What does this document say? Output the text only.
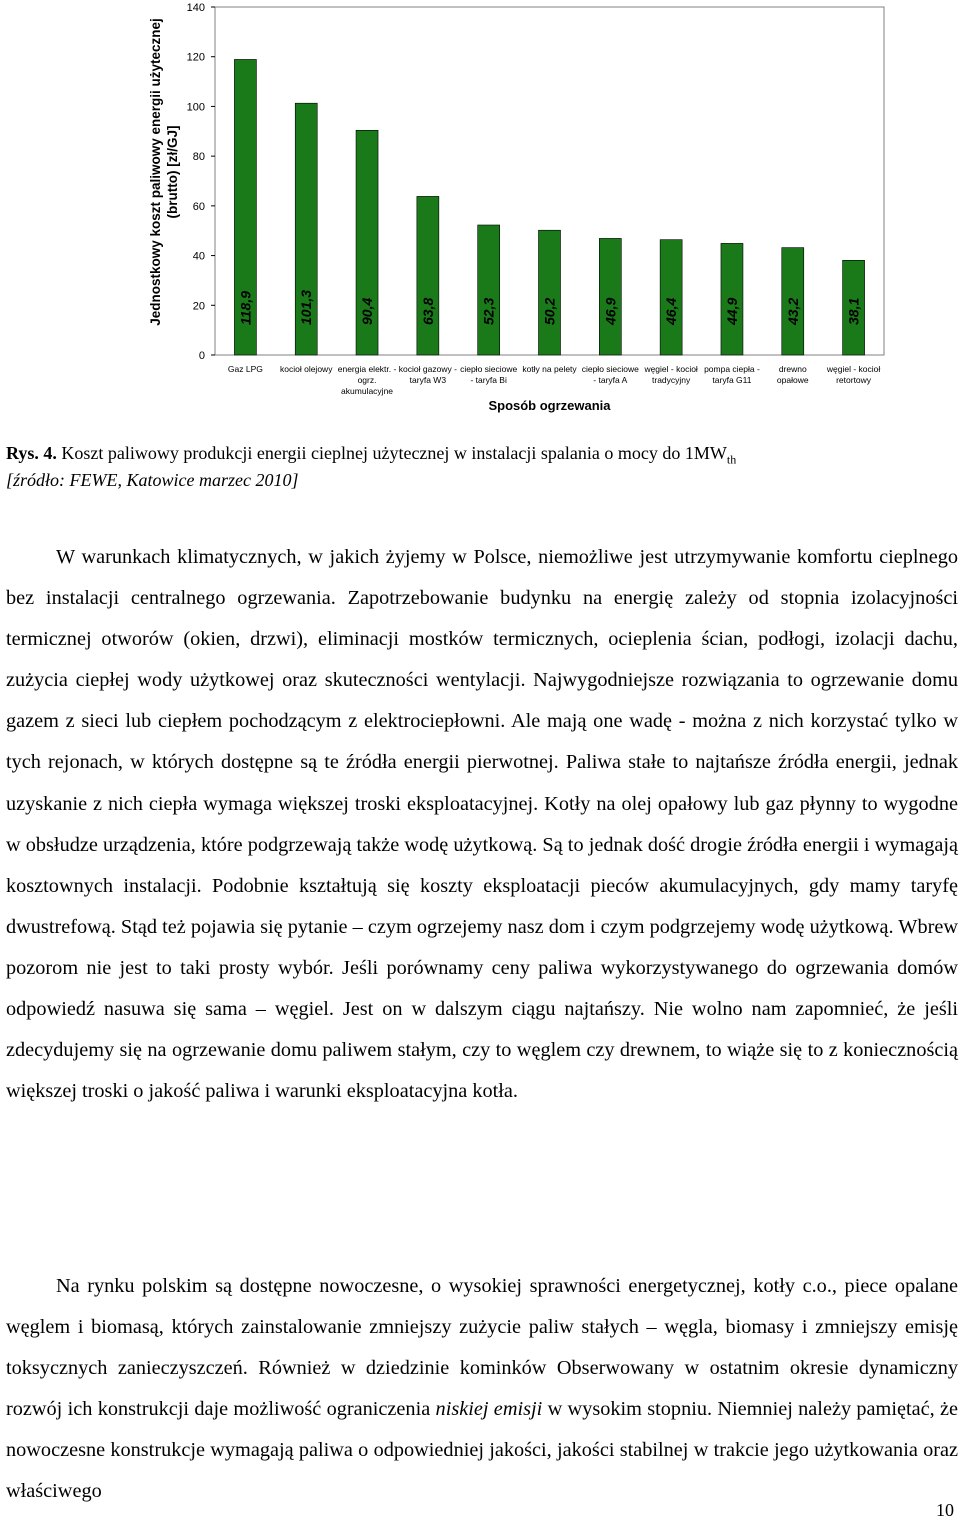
0
20
40
60
80
100
120
140
Jednostkowy koszt paliwowy energii użytecznej (brutto) [zł/GJ]
118,9
Gaz LPG
101,3
kocioł olejowy
90,4
energia elektr. -
ogrz.
akumulacyjne
63,8
kocioł gazowy -
taryfa W3
52,3
ciepło sieciowe
- taryfa Bi
50,2
kotły na pelety
46,9
ciepło sieciowe
- taryfa A
46,4
węgiel - kocioł
tradycyjny
44,9
pompa ciepła -
taryfa G11
43,2
drewno
opałowe
38,1
węgiel - kocioł
retortowy
Sposób ogrzewania
Rys. 4. Koszt paliwowy produkcji energii cieplnej użytecznej w instalacji spalania o mocy do $1MW_{th}$
[źródło: FEWE, Katowice marzec 2010]

W warunkach klimatycznych, w jakich żyjemy w Polsce, niemożliwe jest utrzymywanie komfortu cieplnego bez instalacji centralnego ogrzewania. Zapotrzebowanie budynku na energię zależy od stopnia izolacyjności termicznej otworów (okien, drzwi), eliminacji mostków termicznych, ocieplenia ścian, podłogi, izolacji dachu, zużycia ciepłej wody użytkowej oraz skuteczności wentylacji. Najwygodniejsze rozwiązania to ogrzewanie domu gazem z sieci lub ciepłem pochodzącym z elektrociepłowni. Ale mają one wadę - można z nich korzystać tylko w tych rejonach, w których dostępne są te źródła energii pierwotnej. Paliwa stałe to najtańsze źródła energii, jednak uzyskanie z nich ciepła wymaga większej troski eksploatacyjnej. Kotły na olej opałowy lub gaz płynny to wygodne w obsłudze urządzenia, które podgrzewają także wodę użytkową. Są to jednak dość drogie źródła energii i wymagają kosztownych instalacji. Podobnie kształtują się koszty eksploatacji pieców akumulacyjnych, gdy mamy taryfę dwustrefową. Stąd też pojawia się pytanie – czym ogrzejemy nasz dom i czym podgrzejemy wodę użytkową. Wbrew pozorom nie jest to taki prosty wybór. Jeśli porównamy ceny paliwa wykorzystywanego do ogrzewania domów odpowiedź nasuwa się sama – węgiel. Jest on w dalszym ciągu najtańszy. Nie wolno nam zapomnieć, że jeśli zdecydujemy się na ogrzewanie domu paliwem stałym, czy to węglem czy drewnem, to wiąże się to z koniecznością większej troski o jakość paliwa i warunki eksploatacyjna kotła.

Na rynku polskim są dostępne nowoczesne, o wysokiej sprawności energetycznej, kotły c.o., piece opalane węglem i biomasą, których zainstalowanie zmniejszy zużycie paliw stałych – węgla, biomasy i zmniejszy emisję toksycznych zanieczyszczeń. Również w dziedzinie kominków Obserwowany w ostatnim okresie dynamiczny rozwój ich konstrukcji daje możliwość ograniczenia niskiej emisji w wysokim stopniu. Niemniej należy pamiętać, że nowoczesne konstrukcje wymagają paliwa o odpowiedniej jakości, jakości stabilnej w trakcie jego użytkowania oraz właściwego

10
